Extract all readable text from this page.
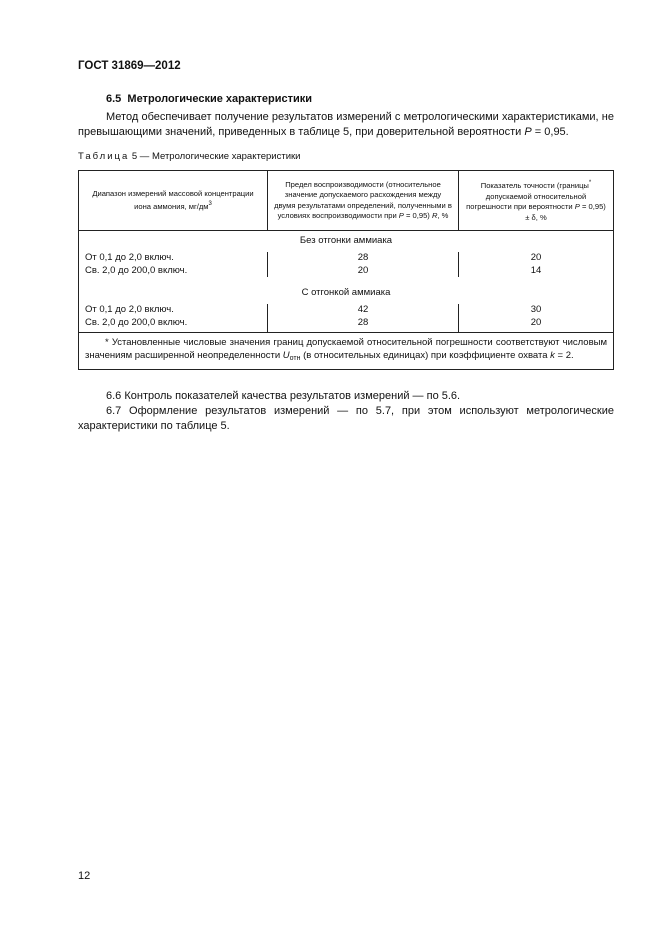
ГОСТ 31869—2012
6.5 Метрологические характеристики
Метод обеспечивает получение результатов измерений с метрологическими характеристиками, не превышающими значений, приведенных в таблице 5, при доверительной вероятности P = 0,95.
Таблица 5 — Метрологические характеристики
Диапазон измерений массовой концентрации иона аммония, $мг/дм^3$	Предел воспроизводимости (относительное значение допускаемого расхождения между двумя результатами определений, полученными в условиях воспроизводимости при P = 0,95) R, %	Показатель точности (границы* допускаемой относительной погрешности при вероятности P = 0,95) ± δ, %
Без отгонки аммиака		
От 0,1 до 2,0 включ.	28	20
Св. 2,0 до 200,0 включ.	20	14
С отгонкой аммиака		
От 0,1 до 2,0 включ.	42	30
Св. 2,0 до 200,0 включ.	28	20
* Установленные числовые значения границ допускаемой относительной погрешности соответствуют числовым значениям расширенной неопределенности $U_{отн}$ (в относительных единицах) при коэффициенте охвата k = 2.		
6.6 Контроль показателей качества результатов измерений — по 5.6.
6.7 Оформление результатов измерений — по 5.7, при этом используют метрологические характеристики по таблице 5.
12
